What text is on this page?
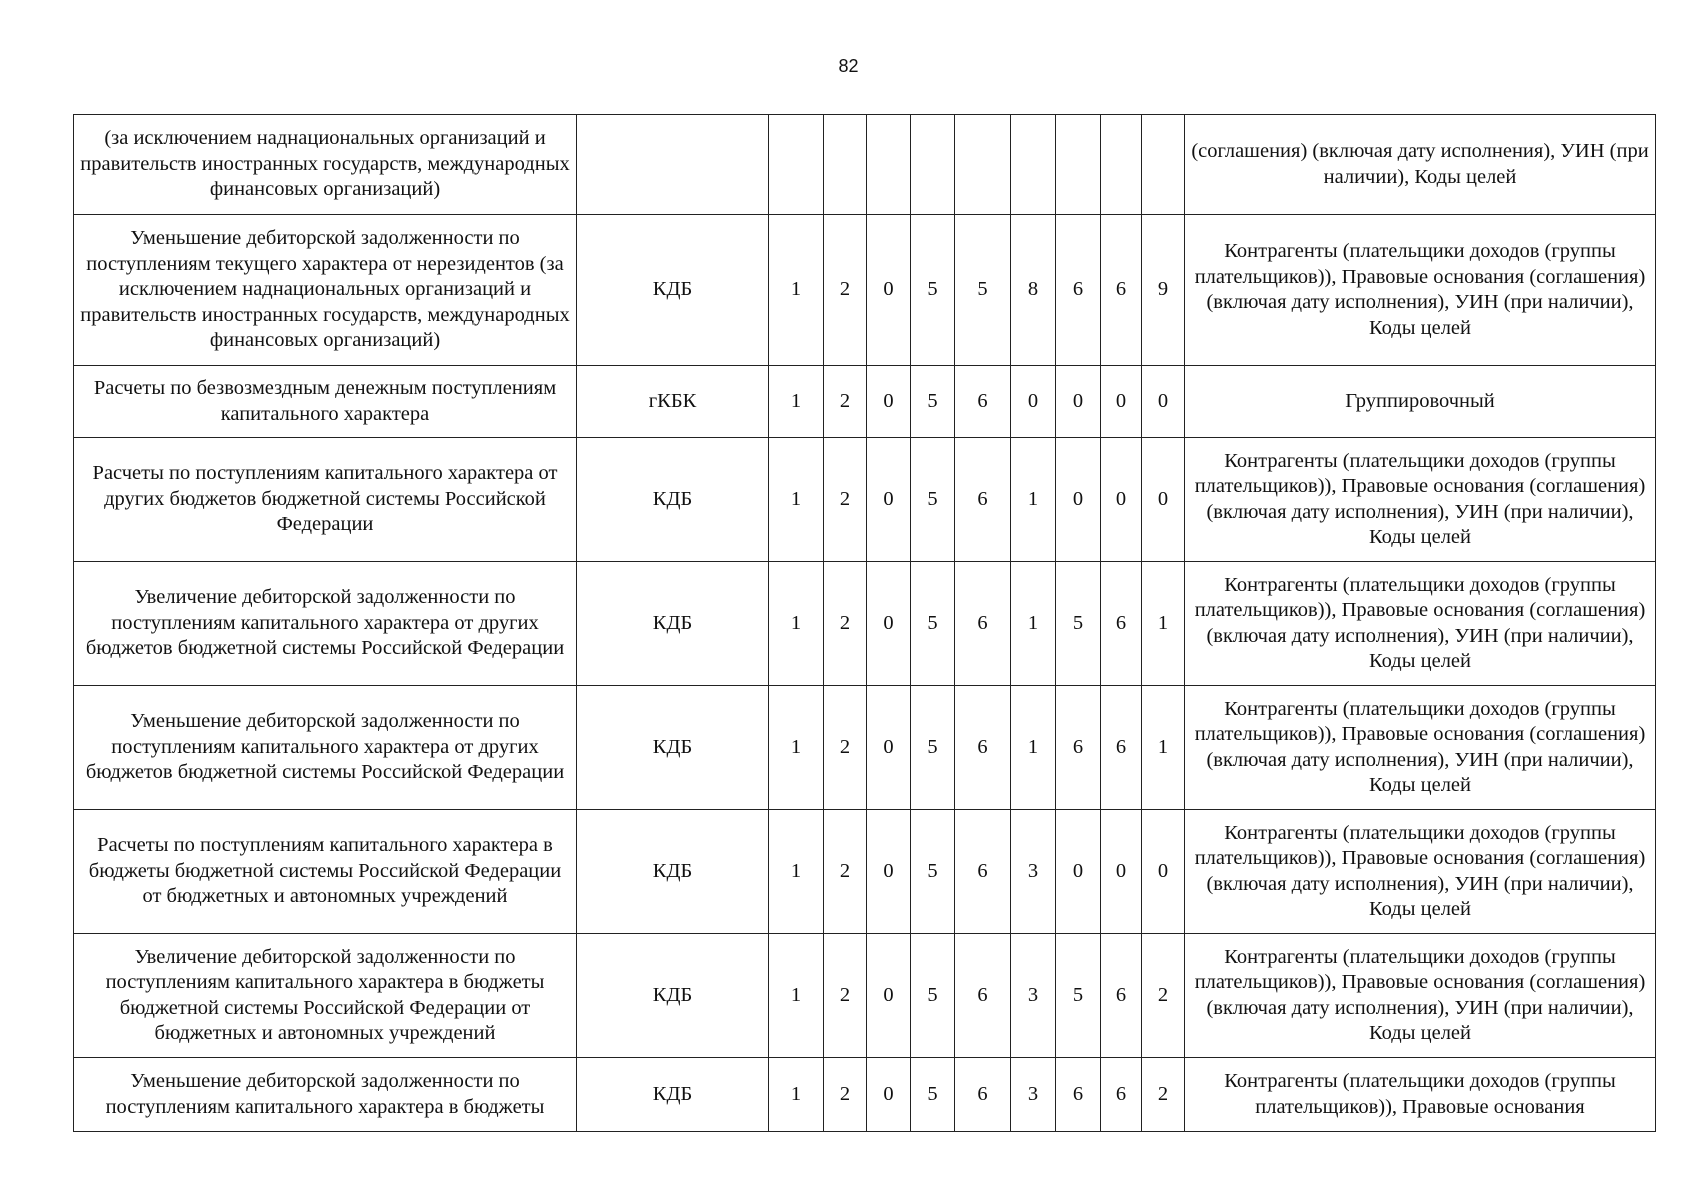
82
(за исключением наднациональных организаций и правительств иностранных государств, международных финансовых организаций)											(соглашения) (включая дату исполнения), УИН (при наличии), Коды целей
Уменьшение дебиторской задолженности по поступлениям текущего характера от нерезидентов (за исключением наднациональных организаций и правительств иностранных государств, международных финансовых организаций)	КДБ	1	2	0	5	5	8	6	6	9	Контрагенты (плательщики доходов (группы плательщиков)), Правовые основания (соглашения) (включая дату исполнения), УИН (при наличии), Коды целей
Расчеты по безвозмездным денежным поступлениям капитального характера	гКБК	1	2	0	5	6	0	0	0	0	Группировочный
Расчеты по поступлениям капитального характера от других бюджетов бюджетной системы Российской Федерации	КДБ	1	2	0	5	6	1	0	0	0	Контрагенты (плательщики доходов (группы плательщиков)), Правовые основания (соглашения) (включая дату исполнения), УИН (при наличии), Коды целей
Увеличение дебиторской задолженности по поступлениям капитального характера от других бюджетов бюджетной системы Российской Федерации	КДБ	1	2	0	5	6	1	5	6	1	Контрагенты (плательщики доходов (группы плательщиков)), Правовые основания (соглашения) (включая дату исполнения), УИН (при наличии), Коды целей
Уменьшение дебиторской задолженности по поступлениям капитального характера от других бюджетов бюджетной системы Российской Федерации	КДБ	1	2	0	5	6	1	6	6	1	Контрагенты (плательщики доходов (группы плательщиков)), Правовые основания (соглашения) (включая дату исполнения), УИН (при наличии), Коды целей
Расчеты по поступлениям капитального характера в бюджеты бюджетной системы Российской Федерации от бюджетных и автономных учреждений	КДБ	1	2	0	5	6	3	0	0	0	Контрагенты (плательщики доходов (группы плательщиков)), Правовые основания (соглашения) (включая дату исполнения), УИН (при наличии), Коды целей
Увеличение дебиторской задолженности по поступлениям капитального характера в бюджеты бюджетной системы Российской Федерации от бюджетных и автономных учреждений	КДБ	1	2	0	5	6	3	5	6	2	Контрагенты (плательщики доходов (группы плательщиков)), Правовые основания (соглашения) (включая дату исполнения), УИН (при наличии), Коды целей
Уменьшение дебиторской задолженности по поступлениям капитального характера в бюджеты	КДБ	1	2	0	5	6	3	6	6	2	Контрагенты (плательщики доходов (группы плательщиков)), Правовые основания
